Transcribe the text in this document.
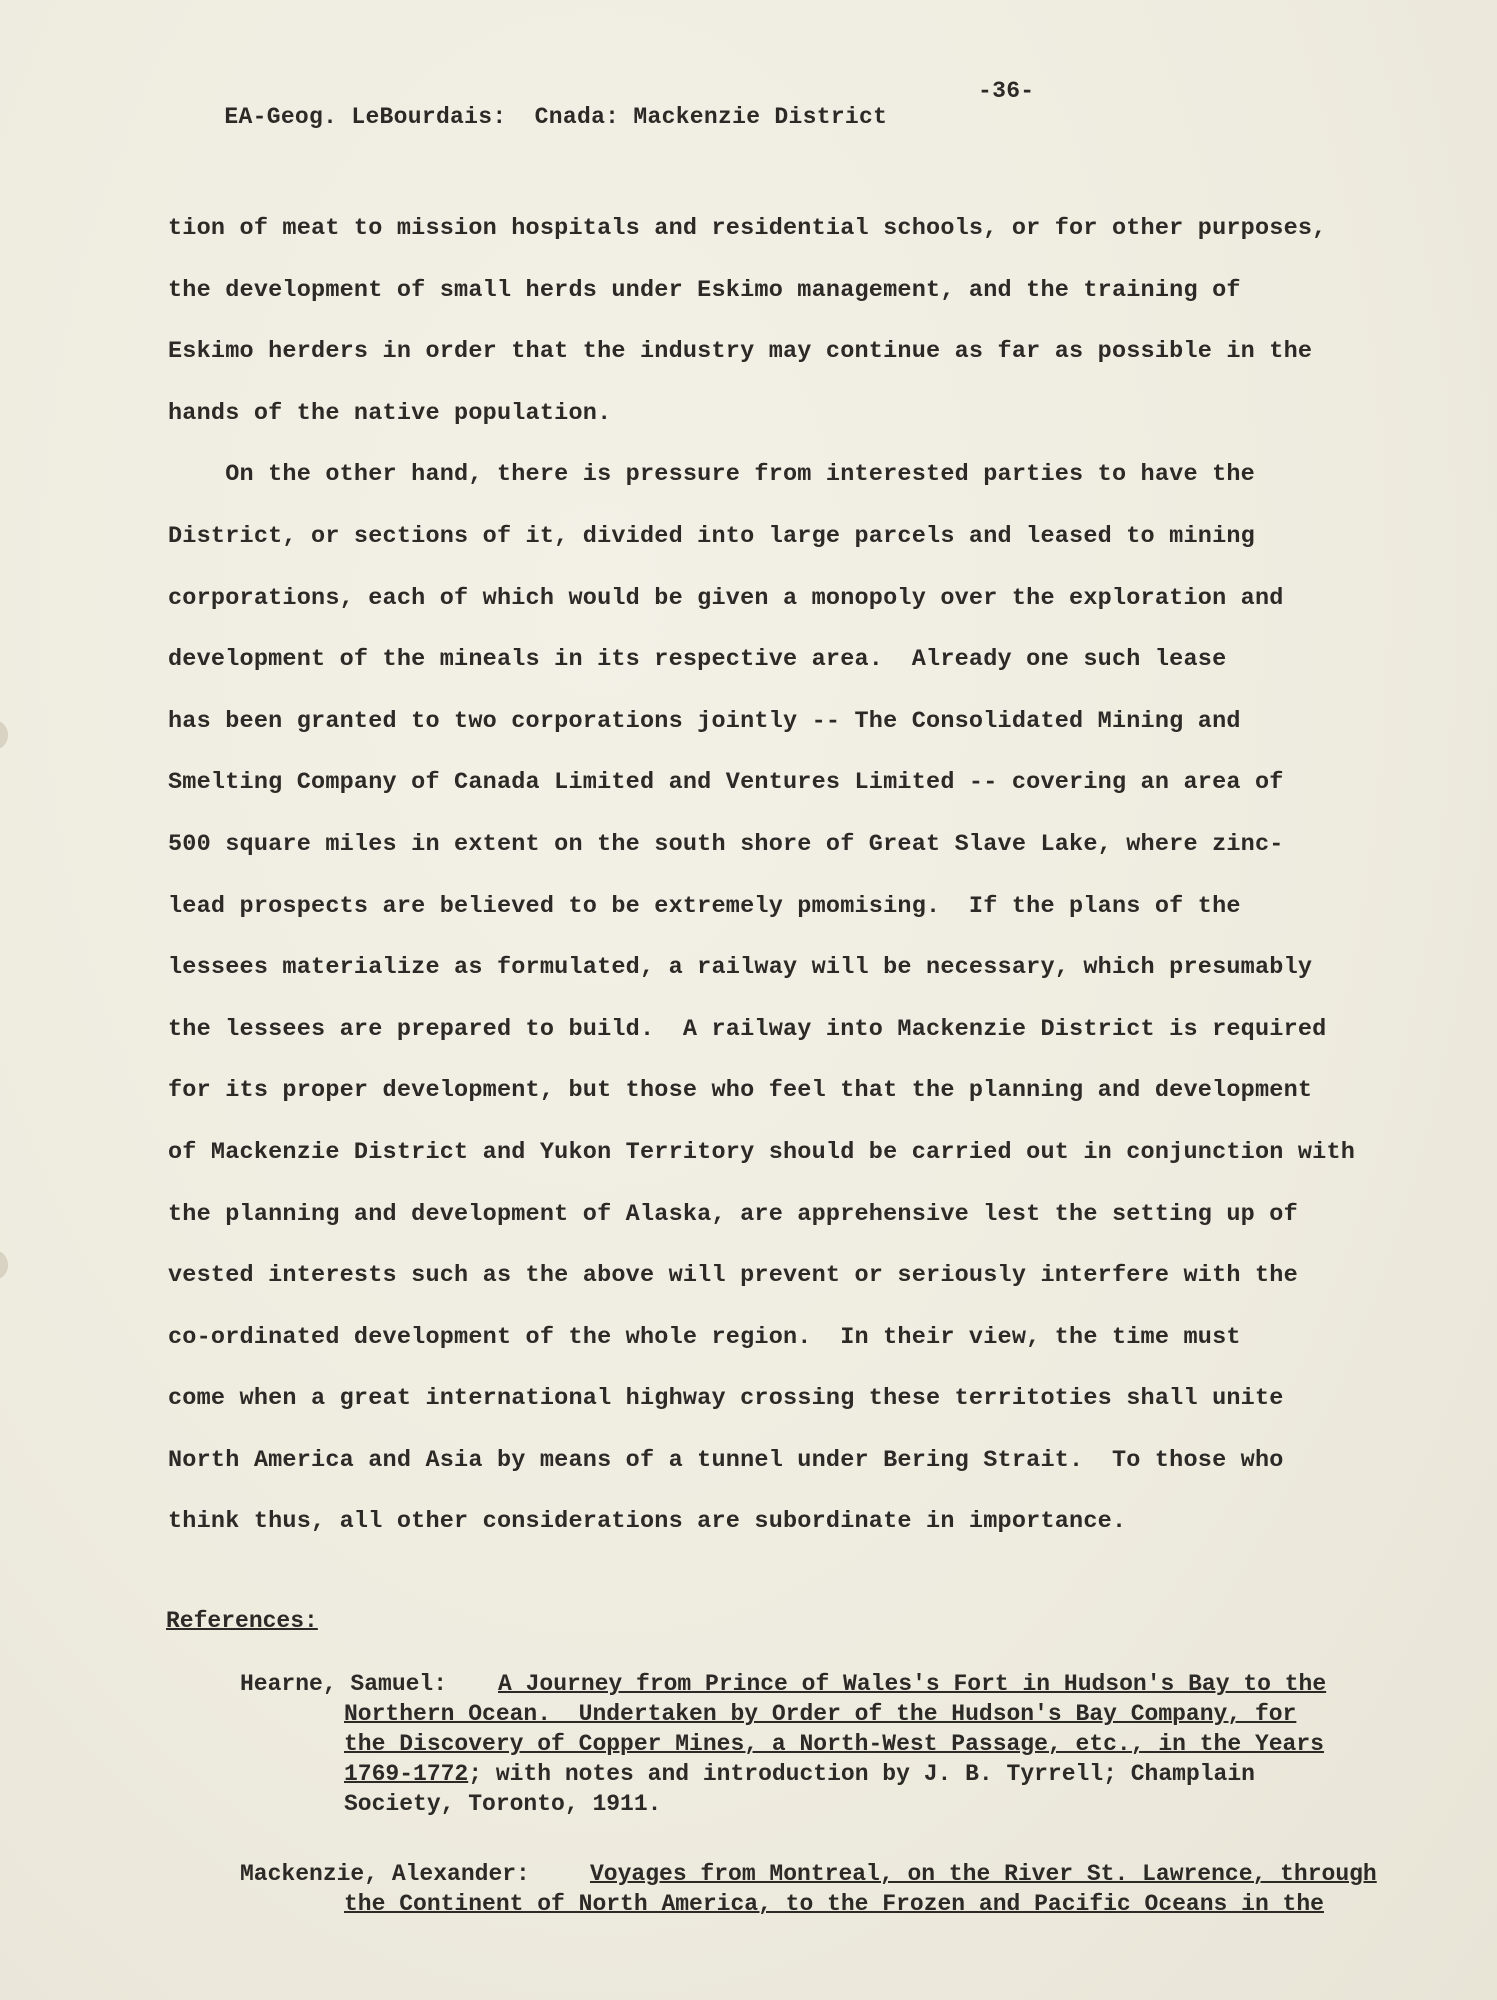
EA-Geog. LeBourdais:  Cnada: Mackenzie District

-36-

tion of meat to mission hospitals and residential schools, or for other purposes,
the development of small herds under Eskimo management, and the training of
Eskimo herders in order that the industry may continue as far as possible in the
hands of the native population.
On the other hand, there is pressure from interested parties to have the
District, or sections of it, divided into large parcels and leased to mining
corporations, each of which would be given a monopoly over the exploration and
development of the mineals in its respective area.  Already one such lease
has been granted to two corporations jointly -- The Consolidated Mining and
Smelting Company of Canada Limited and Ventures Limited -- covering an area of
500 square miles in extent on the south shore of Great Slave Lake, where zinc-
lead prospects are believed to be extremely pmomising.  If the plans of the
lessees materialize as formulated, a railway will be necessary, which presumably
the lessees are prepared to build.  A railway into Mackenzie District is required
for its proper development, but those who feel that the planning and development
of Mackenzie District and Yukon Territory should be carried out in conjunction with
the planning and development of Alaska, are apprehensive lest the setting up of
vested interests such as the above will prevent or seriously interfere with the
co-ordinated development of the whole region.  In their view, the time must
come when a great international highway crossing these territoties shall unite
North America and Asia by means of a tunnel under Bering Strait.  To those who
think thus, all other considerations are subordinate in importance.
References:
Hearne, Samuel: A Journey from Prince of Wales's Fort in Hudson's Bay to the
Northern Ocean.  Undertaken by Order of the Hudson's Bay Company, for
the Discovery of Copper Mines, a North-West Passage, etc., in the Years
1769-1772; with notes and introduction by J. B. Tyrrell; Champlain
Society, Toronto, 1911.
Mackenzie, Alexander:	Voyages from Montreal, on the River St. Lawrence, through
the Continent of North America, to the Frozen and Pacific Oceans in the
